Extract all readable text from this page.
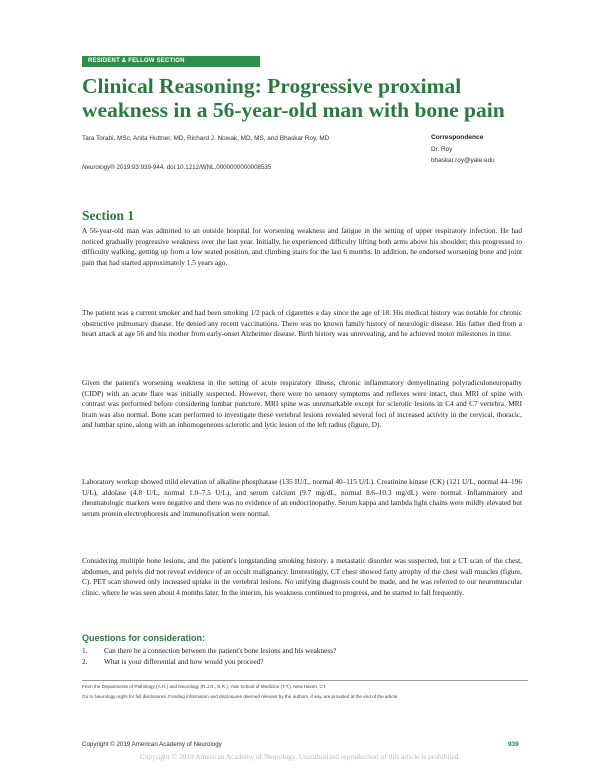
RESIDENT & FELLOW SECTION
Clinical Reasoning: Progressive proximal
weakness in a 56-year-old man with bone pain
Tara Torabi, MSc, Anita Huttner, MD, Richard J. Nowak, MD, MS, and Bhaskar Roy, MD
Neurology® 2019;93:939-944. doi:10.1212/WNL.0000000000008535
Correspondence
Dr. Roy
bhaskar.roy@yale.edu
Section 1

A 56-year-old man was admitted to an outside hospital for worsening weakness and fatigue in the setting of upper respiratory infection. He had noticed gradually progressive weakness over the last year. Initially, he experienced difficulty lifting both arms above his shoulder; this progressed to difficulty walking, getting up from a low seated position, and climbing stairs for the last 6 months. In addition, he endorsed worsening bone and joint pain that had started approximately 1.5 years ago.

The patient was a current smoker and had been smoking 1/2 pack of cigarettes a day since the age of 18. His medical history was notable for chronic obstructive pulmonary disease. He denied any recent vaccinations. There was no known family history of neurologic disease. His father died from a heart attack at age 56 and his mother from early-onset Alzheimer disease. Birth history was unrevealing, and he achieved motor milestones in time.

Given the patient's worsening weakness in the setting of acute respiratory illness, chronic inflammatory demyelinating polyradiculoneuropathy (CIDP) with an acute flare was initially suspected. However, there were no sensory symptoms and reflexes were intact, thus MRI of spine with contrast was performed before considering lumbar puncture. MRI spine was unremarkable except for sclerotic lesions in C4 and C7 vertebra. MRI brain was also normal. Bone scan performed to investigate these vertebral lesions revealed several foci of increased activity in the cervical, thoracic, and lumbar spine, along with an inhomogeneous sclerotic and lytic lesion of the left radius (figure, D).

Laboratory workup showed mild elevation of alkaline phosphatase (135 IU/L, normal 40–115 U/L). Creatinine kinase (CK) (121 U/L, normal 44–196 U/L), aldolase (4.8 U/L, normal 1.0–7.5 U/L), and serum calcium (9.7 mg/dL, normal 8.6–10.3 mg/dL) were normal. Inflammatory and rheumatologic markers were negative and there was no evidence of an endocrinopathy. Serum kappa and lambda light chains were mildly elevated but serum protein electrophoresis and immunofixation were normal.

Considering multiple bone lesions, and the patient's longstanding smoking history, a metastatic disorder was suspected, but a CT scan of the chest, abdomen, and pelvis did not reveal evidence of an occult malignancy. Interestingly, CT chest showed fatty atrophy of the chest wall muscles (figure, C). PET scan showed only increased uptake in the vertebral lesions. No unifying diagnosis could be made, and he was referred to our neuromuscular clinic, where he was seen about 4 months later. In the interim, his weakness continued to progress, and he started to fall frequently.

Questions for consideration:
1.	Can there be a connection between the patient's bone lesions and his weakness?
2.	What is your differential and how would you proceed?
From the Departments of Pathology (A.H.) and Neurology (R.J.N., B.R.), Yale School of Medicine (T.T.), New Haven, CT.
Go to Neurology.org/N for full disclosures. Funding information and disclosures deemed relevant by the authors, if any, are provided at the end of the article.
Copyright © 2019 American Academy of Neurology	939
Copyright © 2019 American Academy of Neurology. Unauthorized reproduction of this article is prohibited.
